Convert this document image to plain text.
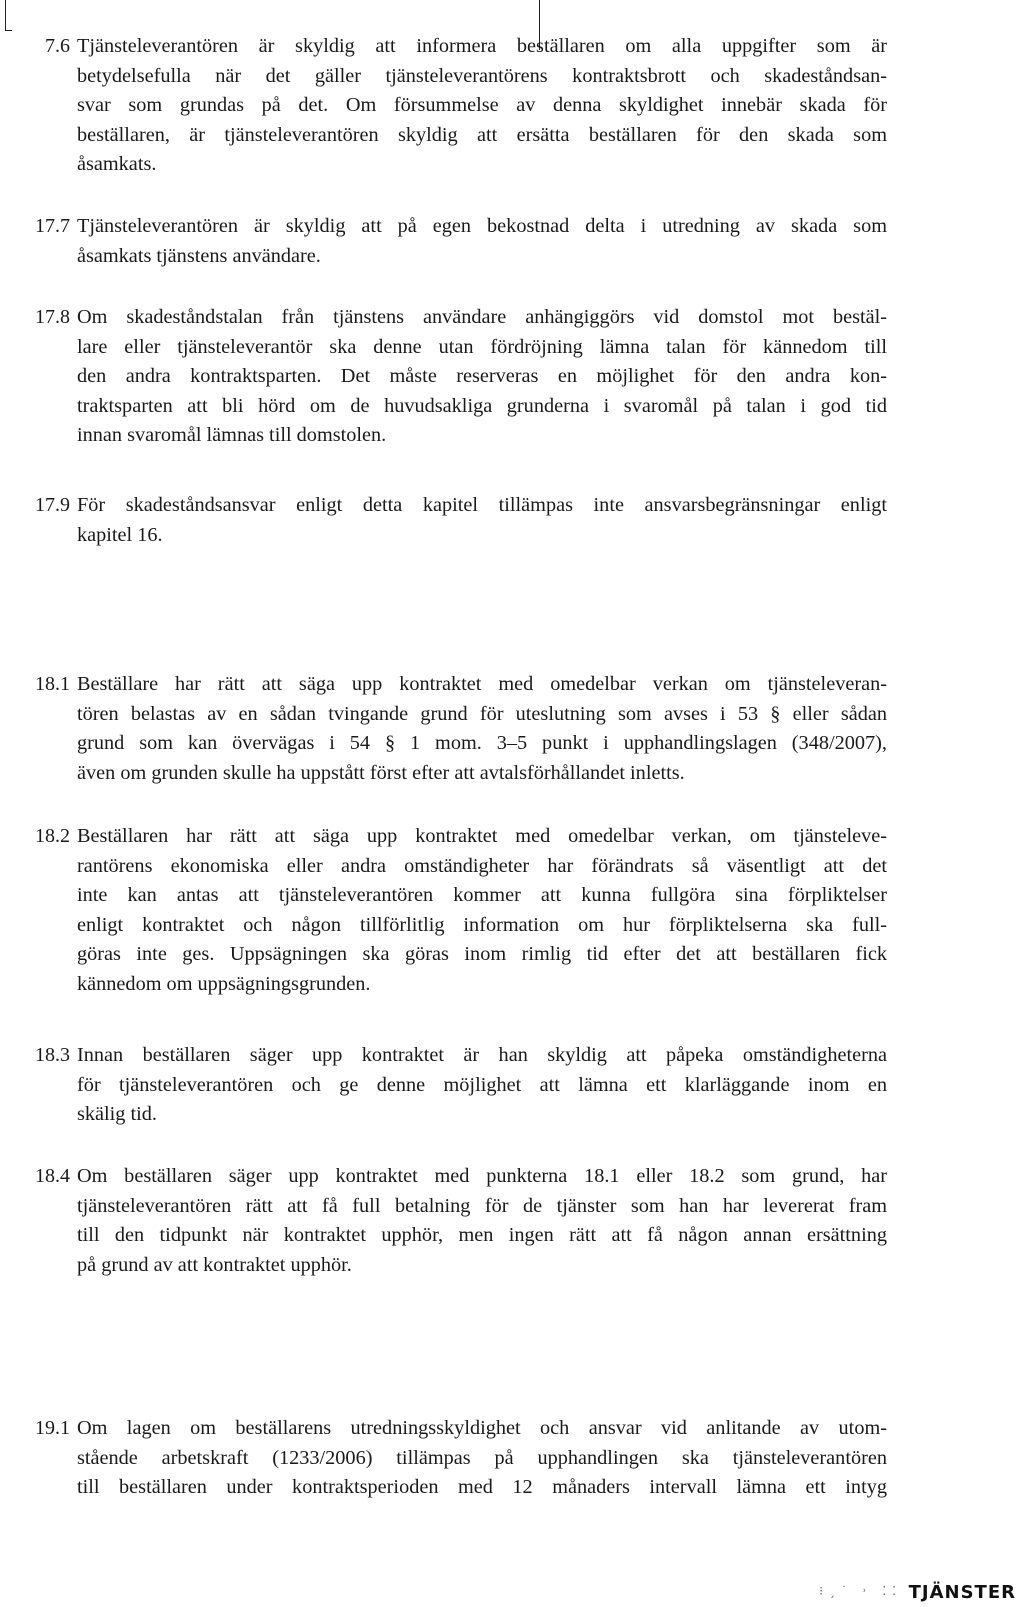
7.6 Tjänsteleverantören är skyldig att informera beställaren om alla uppgifter som är
betydelsefulla när det gäller tjänsteleverantörens kontraktsbrott och skadeståndsan-
svar som grundas på det. Om försummelse av denna skyldighet innebär skada för
beställaren, är tjänsteleverantören skyldig att ersätta beställaren för den skada som
åsamkats.
17.7 Tjänsteleverantören är skyldig att på egen bekostnad delta i utredning av skada som
åsamkats tjänstens användare.
17.8 Om skadeståndstalan från tjänstens användare anhängiggörs vid domstol mot bestäl-
lare eller tjänsteleverantör ska denne utan fördröjning lämna talan för kännedom till
den andra kontraktsparten. Det måste reserveras en möjlighet för den andra kon-
traktsparten att bli hörd om de huvudsakliga grunderna i svaromål på talan i god tid
innan svaromål lämnas till domstolen.
17.9 För skadeståndsansvar enligt detta kapitel tillämpas inte ansvarsbegränsningar enligt
kapitel 16.
18.1 Beställare har rätt att säga upp kontraktet med omedelbar verkan om tjänsteleveran-
tören belastas av en sådan tvingande grund för uteslutning som avses i 53 § eller sådan
grund som kan övervägas i 54 § 1 mom. 3–5 punkt i upphandlingslagen (348/2007),
även om grunden skulle ha uppstått först efter att avtalsförhållandet inletts.
18.2 Beställaren har rätt att säga upp kontraktet med omedelbar verkan, om tjänsteleve-
rantörens ekonomiska eller andra omständigheter har förändrats så väsentligt att det
inte kan antas att tjänsteleverantören kommer att kunna fullgöra sina förpliktelser
enligt kontraktet och någon tillförlitlig information om hur förpliktelserna ska full-
göras inte ges. Uppsägningen ska göras inom rimlig tid efter det att beställaren fick
kännedom om uppsägningsgrunden.
18.3 Innan beställaren säger upp kontraktet är han skyldig att påpeka omständigheterna
för tjänsteleverantören och ge denne möjlighet att lämna ett klarläggande inom en
skälig tid.
18.4 Om beställaren säger upp kontraktet med punkterna 18.1 eller 18.2 som grund, har
tjänsteleverantören rätt att få full betalning för de tjänster som han har levererat fram
till den tidpunkt när kontraktet upphör, men ingen rätt att få någon annan ersättning
på grund av att kontraktet upphör.
19.1 Om lagen om beställarens utredningsskyldighet och ansvar vid anlitande av utom-
stående arbetskraft (1233/2006) tillämpas på upphandlingen ska tjänsteleverantören
till beställaren under kontraktsperioden med 12 månaders intervall lämna ett intyg
⁝ˏ˙ ˒ ⁚⁚ TJÄNSTER
